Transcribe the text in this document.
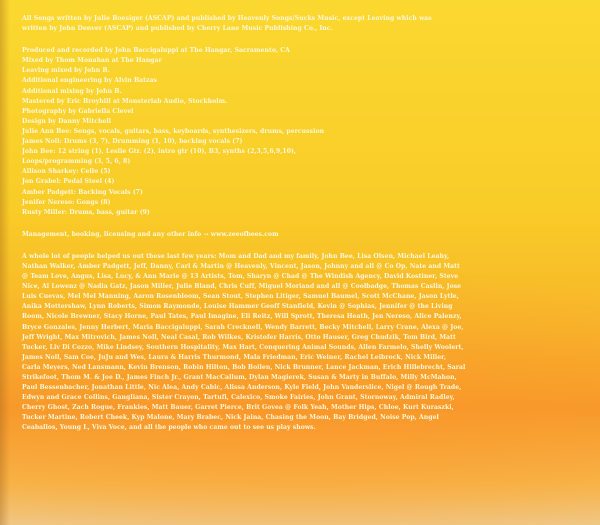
All Songs written by Julie Boesiger (ASCAP) and published by Heavenly Songs/Sucks Music, except Leaving which was

written by John Denver (ASCAP) and published by Cherry Lane Music Publishing Co., Inc.

Produced and recorded by John Baccigaluppi at The Hangar, Sacramento, CA

Mixed by Thom Monahan at The Hangar

Leaving mixed by John B.

Additional engineering by Alvin Batzas

Additional mixing by John B.

Mastered by Eric Broyhill at Monsterlab Audio, Stockholm.

Photography by Gabriella Clevel

Design by Danny Mitchell

Julie Ann Bee: Songs, vocals, guitars, bass, keyboards, synthesizers, drums, percussion

James Noll: Drums (3, 7), Drumming (1, 10), backing vocals (7)

John Bee: 12 string (1), Leslie Gtr. (2), intro gtr (10), B3, synths (2,3,5,6,9,10),

Loops/programming (3, 5, 6, 8)

Allison Sharkey: Cello (5)

Jon Grabel: Pedal Steel (4)

Amber Padgett: Backing Vocals (7)

Jenifer Nereso: Gongs (8)

Rusty Miller: Drums, bass, guitar (9)

Management, booking, licensing and any other info → www.zeeofbees.com

A whole lot of people helped us out these last few years: Mom and Dad and my family, John Bee, Lisa Olsen, Michael Leahy,

Nathan Walker, Amber Padgett, Jeff, Danny, Carl & Martin @ Heavenly, Vincent, Jason, Johnny and all @ Co Op, Nate and Matt

@ Team Love, Angus, Lisa, Lucy, & Ann Marie @ 13 Artists, Tom, Sharyn @ Chad @ The Windish Agency, David Kostiner, Steve

Nice, Al Lowenz @ Nadia Gatz, Jason Miller, Julie Bland, Chris Cuff, Miguel Moriand and all @ Coolbadge, Thomas Caslin, Jose

Luis Cuevas, Mel Mel Manning, Aaron Rosenbloom, Sean Stout, Stephen Litiger, Samuel Baumel, Scott McChane, Jason Lytle,

Anika Mottershaw, Lynn Roberts, Simon Raymonde, Louise Hammer Geoff Stanfield, Kevin @ Sophias, Jennifer @ the Living

Room, Nicole Brewner, Stacy Horne, Paul Tates, Paul Imagine, Eli Reitz, Will Sprott, Theresa Heath, Jen Nereso, Alice Palenzy,

Bryce Gonzales, Jenny Herbert, Maria Baccigaluppi, Sarah Crecknell, Wendy Barrett, Becky Mitchell, Larry Crane, Alexa @ Joe,

Jeff Wright, Max Mitrovich, James Noll, Neal Casal, Rob Wilkes, Kristofer Harris, Otto Hauser, Greg Chudzik, Tom Bird, Matt

Tucker, Liv Di Cozzo, Mike Lindsey, Southern Hospitality, Max Hart, Conquering Animal Sounds, Allen Farmelo, Shelly Woolert,

James Noll, Sam Coe, JuJu and Wes, Laura & Harris Thurmond, Mala Friedman, Eric Weiner, Rachel Leibrock, Nick Miller,

Carla Meyers, Ned Lansmann, Kevin Brenson, Robin Hilton, Bob Boilen, Nick Brunner, Lance Jackman, Erich Hillebrecht, Saral

Strikefoot, Thom M. & Joe D., James Finch Jr., Grant MacCallum, Dylan Magierek, Susan & Marty in Buffalo, Milly McMahon,

Paul Bessenbacher, Jonathan Little, Nic Alea, Andy Cabic, Alissa Anderson, Kyle Field, John Vanderslice, Nigel @ Rough Trade,

Edwyn and Grace Collins, Gangliana, Sister Crayon, Tartufi, Calexico, Smoke Fairies, John Grant, Stornoway, Admiral Radley,

Cherry Ghost, Zach Rogue, Frankies, Matt Bauer, Garret Pierce, Brit Govea @ Folk Yeah, Mother Hips, Chloe, Kurt Kuraszki,

Tucker Martine, Robert Cheek, Kyp Malone, Mary Brabec, Nick Jaina, Chasing the Moon, Bay Bridged, Noise Pop, Angel

Ceaballos, Young L, Viva Voce, and all the people who came out to see us play shows.
